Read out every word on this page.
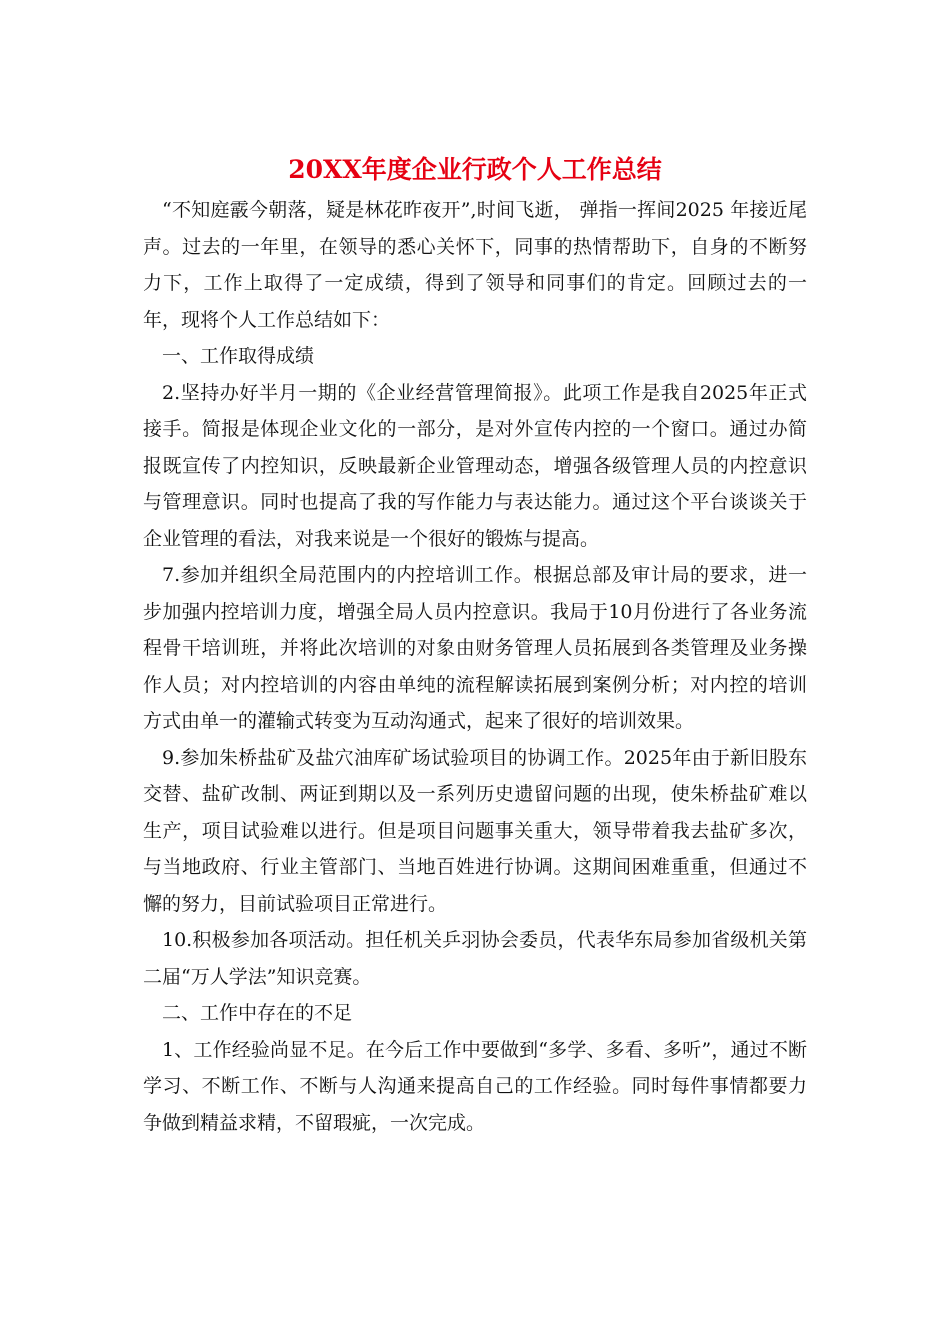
20XX年度企业行政个人工作总结

“不知庭霰今朝落，疑是林花昨夜开”,时间飞逝， 弹指一挥间2025 年接近尾声。过去的一年里，在领导的悉心关怀下，同事的热情帮助下，自身的不断努力下，工作上取得了一定成绩，得到了领导和同事们的肯定。回顾过去的一年，现将个人工作总结如下：

一、工作取得成绩

2.坚持办好半月一期的《企业经营管理简报》。此项工作是我自2025年正式接手。简报是体现企业文化的一部分，是对外宣传内控的一个窗口。通过办简报既宣传了内控知识，反映最新企业管理动态，增强各级管理人员的内控意识与管理意识。同时也提高了我的写作能力与表达能力。通过这个平台谈谈关于企业管理的看法，对我来说是一个很好的锻炼与提高。

7.参加并组织全局范围内的内控培训工作。根据总部及审计局的要求，进一步加强内控培训力度，增强全局人员内控意识。我局于10月份进行了各业务流程骨干培训班，并将此次培训的对象由财务管理人员拓展到各类管理及业务操作人员；对内控培训的内容由单纯的流程解读拓展到案例分析；对内控的培训方式由单一的灌输式转变为互动沟通式，起来了很好的培训效果。

9.参加朱桥盐矿及盐穴油库矿场试验项目的协调工作。2025年由于新旧股东交替、盐矿改制、两证到期以及一系列历史遗留问题的出现，使朱桥盐矿难以生产，项目试验难以进行。但是项目问题事关重大，领导带着我去盐矿多次，与当地政府、行业主管部门、当地百姓进行协调。这期间困难重重，但通过不懈的努力，目前试验项目正常进行。

10.积极参加各项活动。担任机关乒羽协会委员，代表华东局参加省级机关第二届“万人学法”知识竞赛。

二、工作中存在的不足

1、工作经验尚显不足。在今后工作中要做到“多学、多看、多听”，通过不断学习、不断工作、不断与人沟通来提高自己的工作经验。同时每件事情都要力争做到精益求精，不留瑕疵，一次完成。
